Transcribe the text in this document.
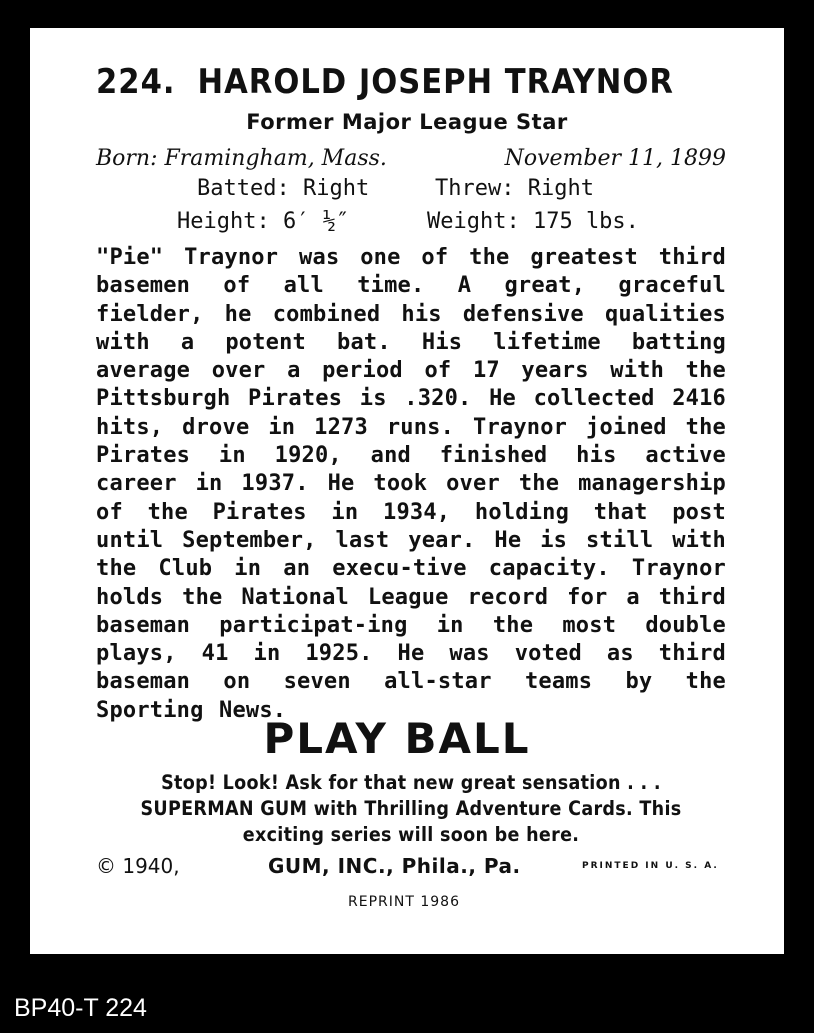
224. HAROLD JOSEPH TRAYNOR
Former Major League Star
Born: Framingham, Mass.	November 11, 1899
Batted: Right	Threw: Right
Height: 6′ ½″	Weight: 175 lbs.
"Pie" Traynor was one of the greatest third basemen of all time. A great, graceful fielder, he combined his defensive qualities with a potent bat. His lifetime batting average over a period of 17 years with the Pittsburgh Pirates is .320. He collected 2416 hits, drove in 1273 runs. Traynor joined the Pirates in 1920, and finished his active career in 1937. He took over the managership of the Pirates in 1934, holding that post until September, last year. He is still with the Club in an execu-tive capacity. Traynor holds the National League record for a third baseman participat-ing in the most double plays, 41 in 1925. He was voted as third baseman on seven all-star teams by the Sporting News.
PLAY BALL
Stop! Look! Ask for that new great sensation . . .
SUPERMAN GUM with Thrilling Adventure Cards. This
exciting series will soon be here.
© 1940,	GUM, INC., Phila., Pa.	PRINTED IN U. S. A.
REPRINT 1986
BP40-T 224
